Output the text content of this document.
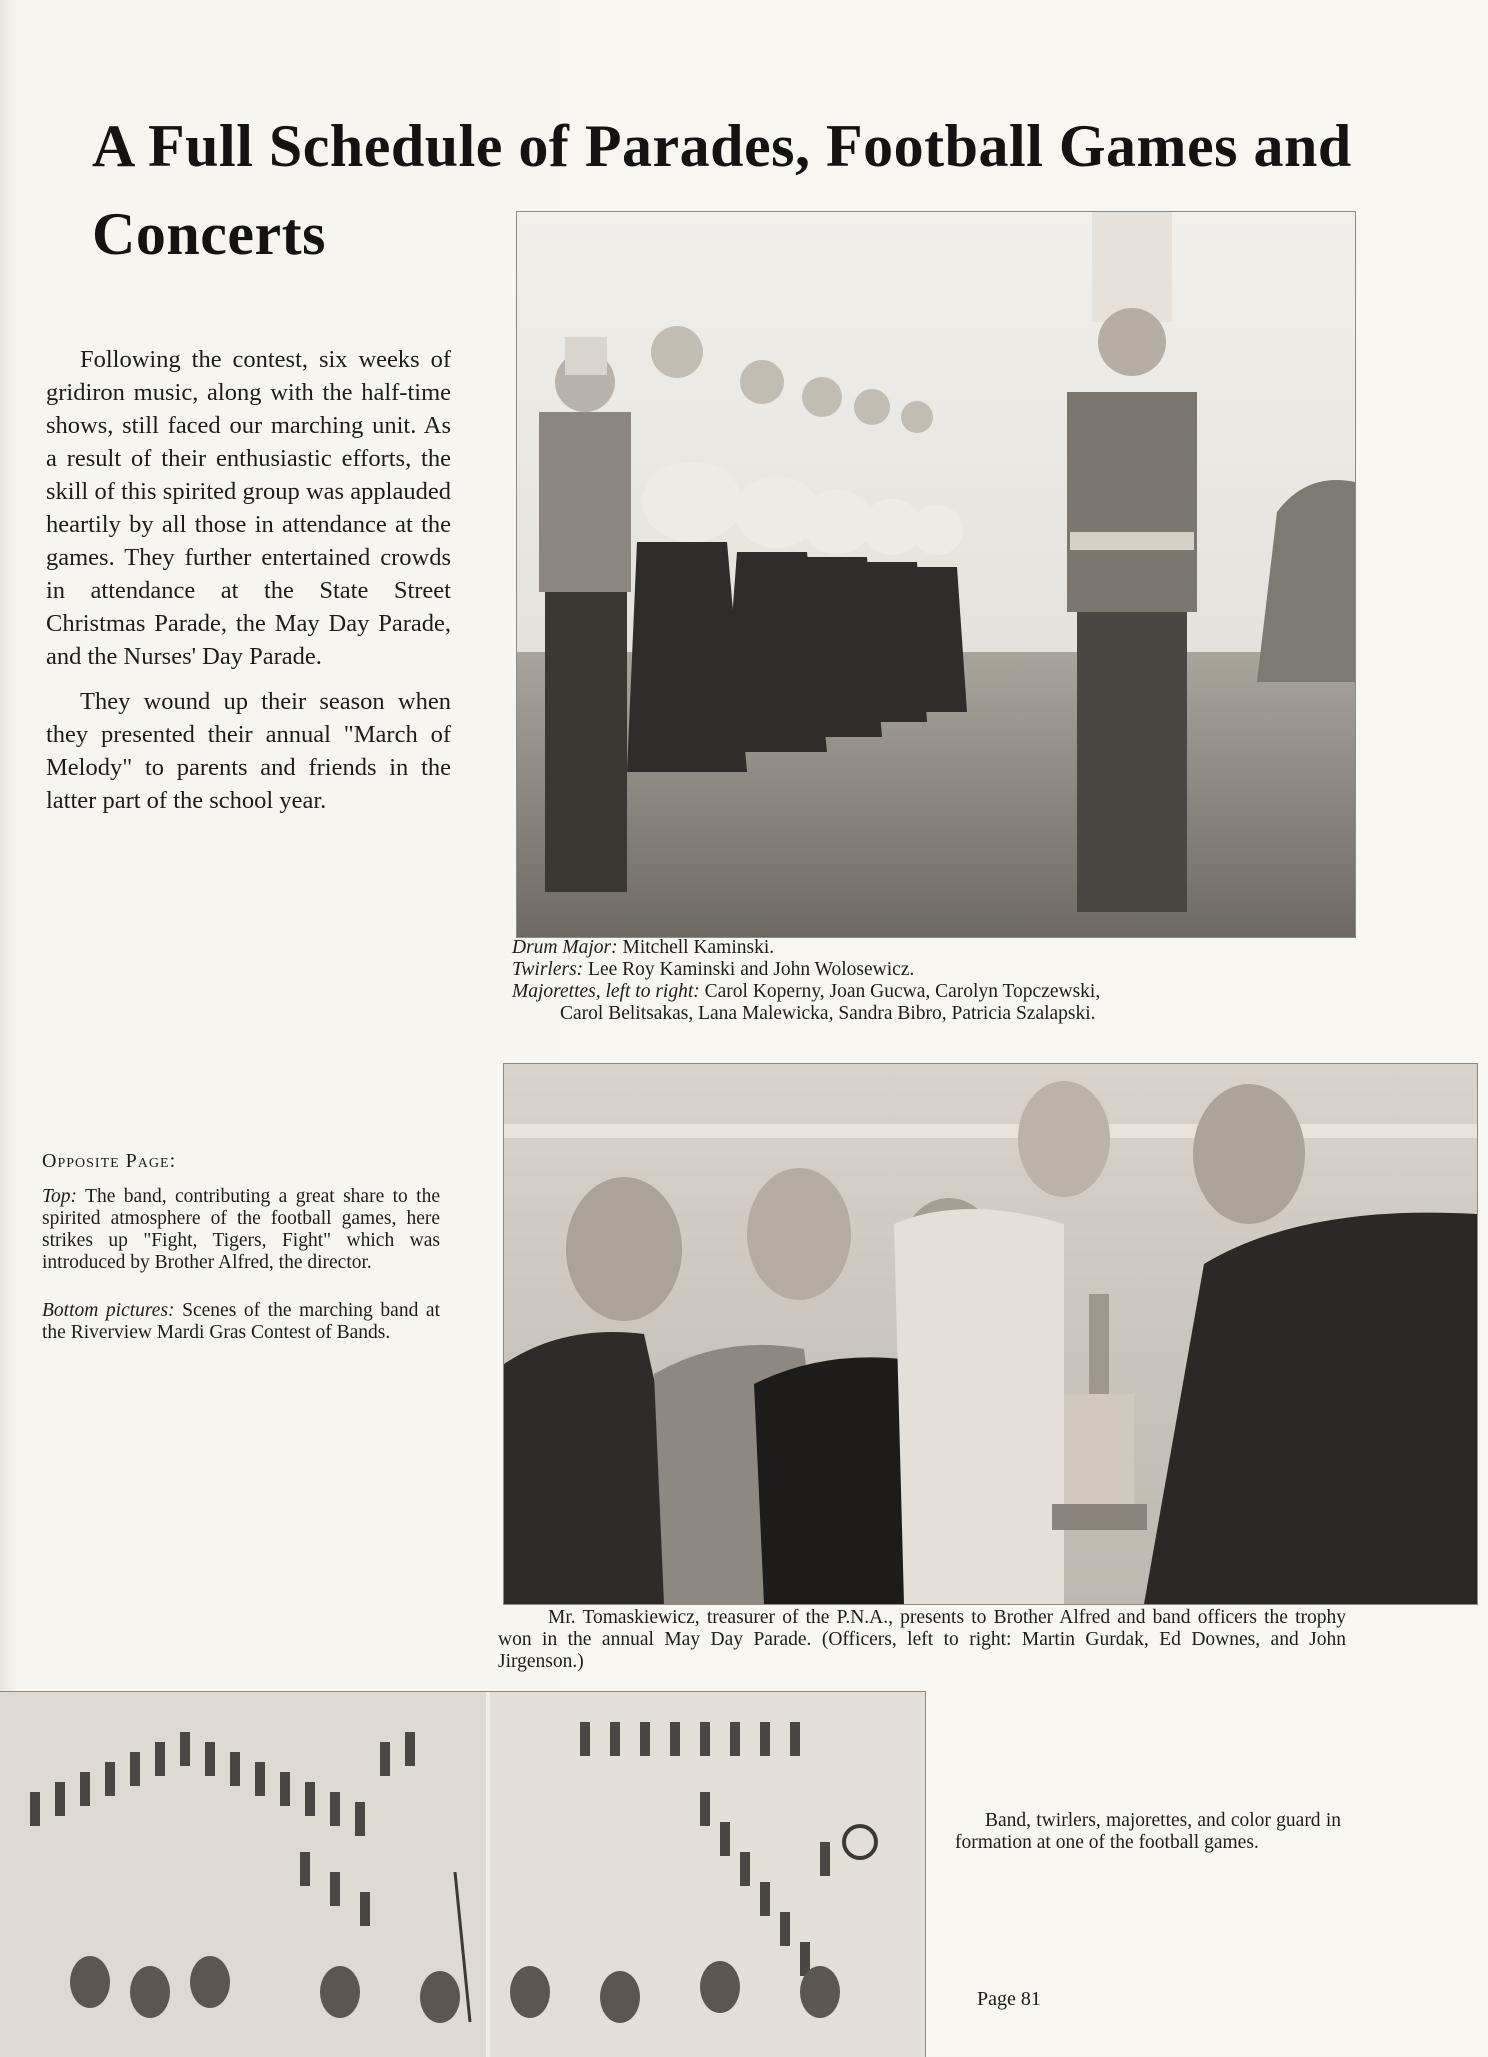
A Full Schedule of Parades, Football Games and Concerts

Following the contest, six weeks of gridiron music, along with the half-time shows, still faced our marching unit. As a result of their enthusiastic efforts, the skill of this spirited group was applauded heartily by all those in attendance at the games. They further entertained crowds in attendance at the State Street Christmas Parade, the May Day Parade, and the Nurses' Day Parade.

They wound up their season when they presented their annual "March of Melody" to parents and friends in the latter part of the school year.

Drum Major: Mitchell Kaminski.
Twirlers: Lee Roy Kaminski and John Wolosewicz.
Majorettes, left to right: Carol Koperny, Joan Gucwa, Carolyn Topczewski,
Carol Belitsakas, Lana Malewicka, Sandra Bibro, Patricia Szalapski.
Opposite Page:

Top: The band, contributing a great share to the spirited atmosphere of the football games, here strikes up "Fight, Tigers, Fight" which was introduced by Brother Alfred, the director.

Bottom pictures: Scenes of the marching band at the Riverview Mardi Gras Contest of Bands.

Mr. Tomaskiewicz, treasurer of the P.N.A., presents to Brother Alfred and band officers the trophy won in the annual May Day Parade. (Officers, left to right: Martin Gurdak, Ed Downes, and John Jirgenson.)
Band, twirlers, majorettes, and color guard in formation at one of the football games.
Page 81
